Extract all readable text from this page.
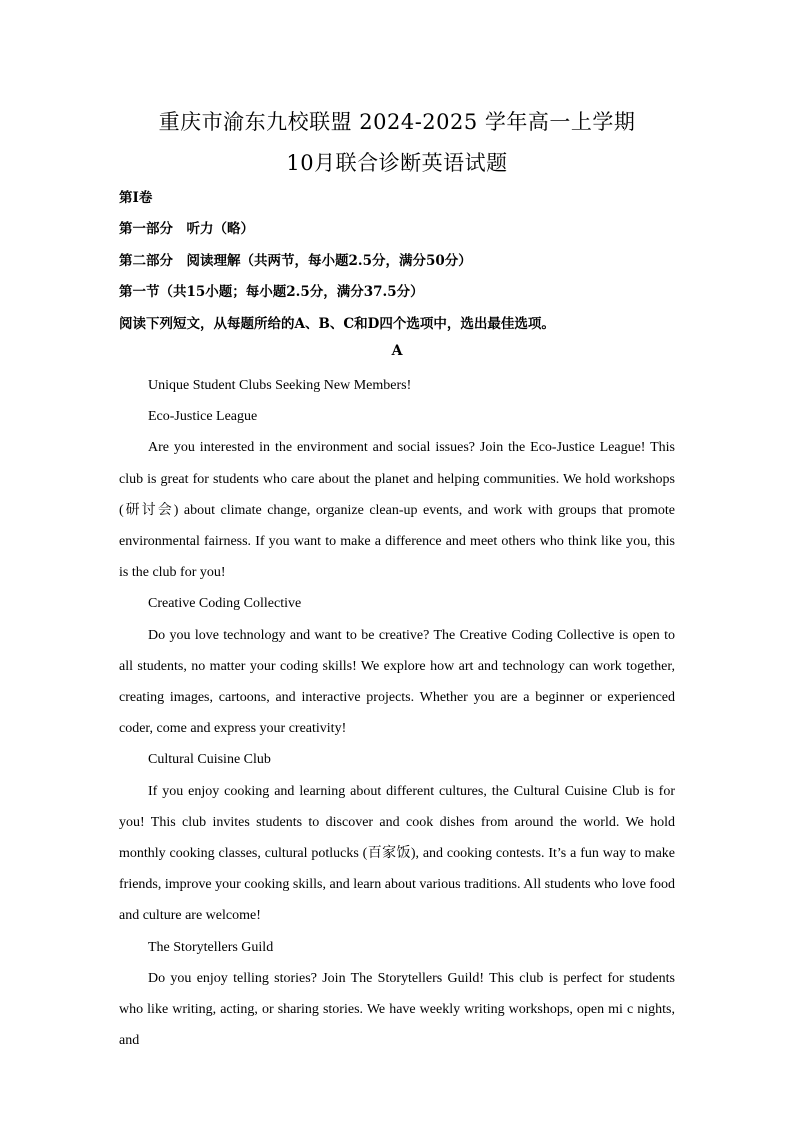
重庆市渝东九校联盟 2024-2025 学年高一上学期
10月联合诊断英语试题
第Ⅰ卷
第一部分　听力（略）
第二部分　阅读理解（共两节，每小题2.5分，满分50分）
第一节（共15小题；每小题2.5分，满分37.5分）
阅读下列短文，从每题所给的A、B、C和D四个选项中，选出最佳选项。
A

Unique Student Clubs Seeking New Members!

Eco-Justice League

Are you interested in the environment and social issues? Join the Eco-Justice League! This club is great for students who care about the planet and helping communities. We hold workshops (研讨会) about climate change, organize clean-up events, and work with groups that promote environmental fairness. If you want to make a difference and meet others who think like you, this is the club for you!

Creative Coding Collective

Do you love technology and want to be creative? The Creative Coding Collective is open to all students, no matter your coding skills! We explore how art and technology can work together, creating images, cartoons, and interactive projects. Whether you are a beginner or experienced coder, come and express your creativity!

Cultural Cuisine Club

If you enjoy cooking and learning about different cultures, the Cultural Cuisine Club is for you! This club invites students to discover and cook dishes from around the world. We hold monthly cooking classes, cultural potlucks (百家饭), and cooking contests. It’s a fun way to make friends, improve your cooking skills, and learn about various traditions. All students who love food and culture are welcome!

The Storytellers Guild

Do you enjoy telling stories? Join The Storytellers Guild! This club is perfect for students who like writing, acting, or sharing stories. We have weekly writing workshops, open mi c nights, and
